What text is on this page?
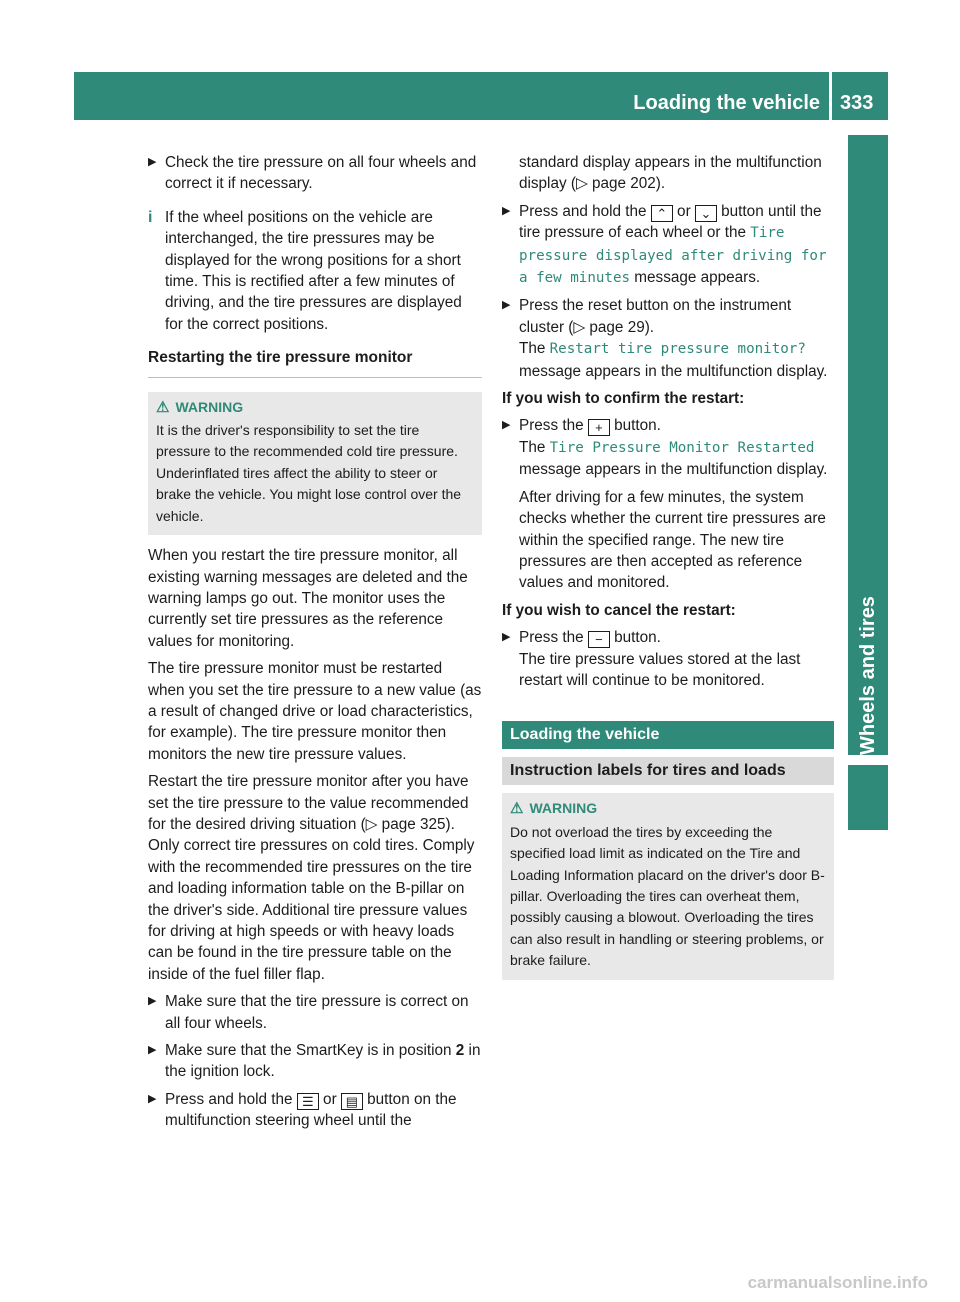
Loading the vehicle 333
Wheels and tires
▶ Check the tire pressure on all four wheels and correct it if necessary.
i If the wheel positions on the vehicle are interchanged, the tire pressures may be displayed for the wrong positions for a short time. This is rectified after a few minutes of driving, and the tire pressures are displayed for the correct positions.
Restarting the tire pressure monitor
⚠ WARNING
It is the driver's responsibility to set the tire pressure to the recommended cold tire pressure. Underinflated tires affect the ability to steer or brake the vehicle. You might lose control over the vehicle.

When you restart the tire pressure monitor, all existing warning messages are deleted and the warning lamps go out. The monitor uses the currently set tire pressures as the reference values for monitoring.

The tire pressure monitor must be restarted when you set the tire pressure to a new value (as a result of changed drive or load characteristics, for example). The tire pressure monitor then monitors the new tire pressure values.

Restart the tire pressure monitor after you have set the tire pressure to the value recommended for the desired driving situation (▷ page 325). Only correct tire pressures on cold tires. Comply with the recommended tire pressures on the tire and loading information table on the B-pillar on the driver's side. Additional tire pressure values for driving at high speeds or with heavy loads can be found in the tire pressure table on the inside of the fuel filler flap.

▶ Make sure that the tire pressure is correct on all four wheels.
▶ Make sure that the SmartKey is in position 2 in the ignition lock.
▶ Press and hold the ☰ or ▤ button on the multifunction steering wheel until the
standard display appears in the multifunction display (▷ page 202).
▶ Press and hold the ⌃ or ⌄ button until the tire pressure of each wheel or the Tire pressure displayed after driving for a few minutes message appears.
▶ Press the reset button on the instrument cluster (▷ page 29).
The Restart tire pressure monitor? message appears in the multifunction display.
If you wish to confirm the restart:
▶ Press the + button.
The Tire Pressure Monitor Restarted message appears in the multifunction display.
After driving for a few minutes, the system checks whether the current tire pressures are within the specified range. The new tire pressures are then accepted as reference values and monitored.
If you wish to cancel the restart:
▶ Press the − button.
The tire pressure values stored at the last restart will continue to be monitored.
Loading the vehicle
Instruction labels for tires and loads
⚠ WARNING
Do not overload the tires by exceeding the specified load limit as indicated on the Tire and Loading Information placard on the driver's door B-pillar. Overloading the tires can overheat them, possibly causing a blowout. Overloading the tires can also result in handling or steering problems, or brake failure.
carmanualsonline.info
